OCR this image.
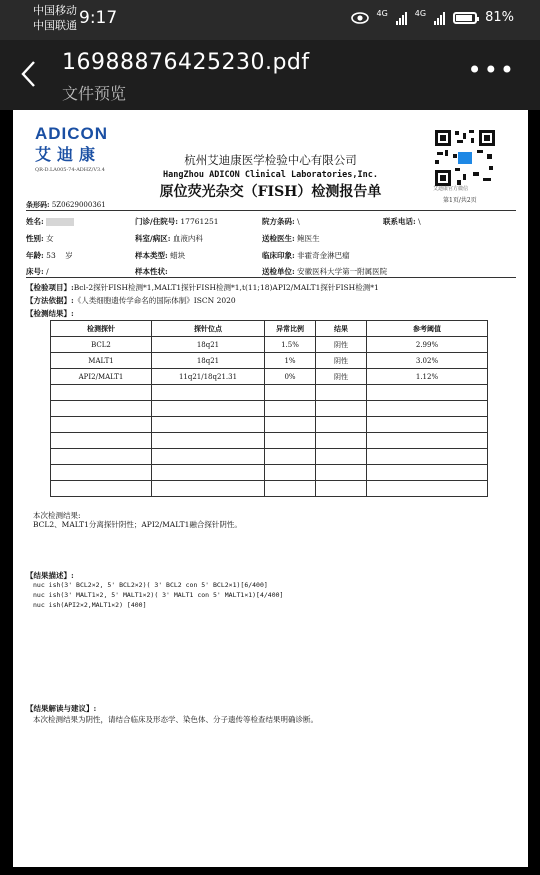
中国移动
中国联通 9:17	4G	4G	81%
16988876425230.pdf
文件预览
•••
ADICON
艾迪康
QR-D.LA005-74-ADHZ/V3.4
杭州艾迪康医学检验中心有限公司
HangZhou ADICON Clinical Laboratories,Inc.
原位荧光杂交（FISH）检测报告单	艾迪康官方微信
第1页/共2页
条形码: 5Z0629000361
姓名:
性别: 女
年龄: 53 岁
床号: /
门诊/住院号: 17761251
科室/病区: 血液内科
样本类型: 蜡块
样本性状:
院方条码: \
送检医生: 鲍医生
临床印象: 非霍奇金淋巴瘤
送检单位: 安徽医科大学第一附属医院
联系电话: \
【检验项目】:Bcl-2探针FISH检测*1,MALT1探针FISH检测*1,t(11;18)API2/MALT1探针FISH检测*1
【方法依据】:《人类细胞遗传学命名的国际体制》ISCN 2020
【检测结果】:
检测探针	探针位点	异常比例	结果	参考阈值
BCL2	18q21	1.5%	阴性	2.99%
MALT1	18q21	1%	阴性	3.02%
API2/MALT1	11q21/18q21.31	0%	阴性	1.12%

本次检测结果:
BCL2、MALT1分离探针阴性；API2/MALT1融合探针阴性。
【结果描述】:
nuc ish(3' BCL2×2, 5' BCL2×2)( 3' BCL2 con 5' BCL2×1)[6/400]
nuc ish(3' MALT1×2, 5' MALT1×2)( 3' MALT1 con 5' MALT1×1)[4/400]
nuc ish(API2×2,MALT1×2) [400]
【结果解读与建议】:
本次检测结果为阴性，请结合临床及形态学、染色体、分子遗传等检查结果明确诊断。
